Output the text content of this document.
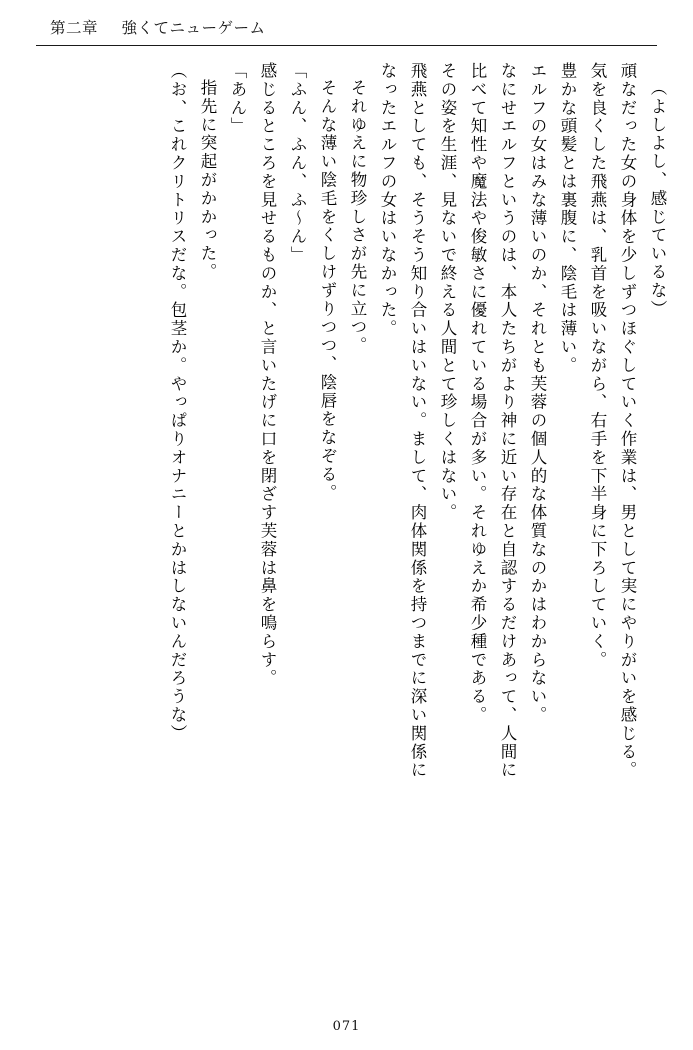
第二章 強くてニューゲーム
（よしよし、感じているな）
頑なだった女の身体を少しずつほぐしていく作業は、男として実にやりがいを感じる。
気を良くした飛燕は、乳首を吸いながら、右手を下半身に下ろしていく。
豊かな頭髪とは裏腹に、陰毛は薄い。
エルフの女はみな薄いのか、それとも芙蓉の個人的な体質なのかはわからない。
なにせエルフというのは、本人たちがより神に近い存在と自認するだけあって、人間に
比べて知性や魔法や俊敏さに優れている場合が多い。それゆえか希少種である。
その姿を生涯、見ないで終える人間とて珍しくはない。
飛燕としても、そうそう知り合いはいない。まして、肉体関係を持つまでに深い関係に
なったエルフの女はいなかった。
それゆえに物珍しさが先に立つ。
そんな薄い陰毛をくしけずりつつ、陰唇をなぞる。
「ふん、ふん、ふ～ん」
感じるところを見せるものか、と言いたげに口を閉ざす芙蓉は鼻を鳴らす。
「あん」
指先に突起がかかった。
（お、これクリトリスだな。包茎か。やっぱりオナニーとかはしないんだろうな）
071
